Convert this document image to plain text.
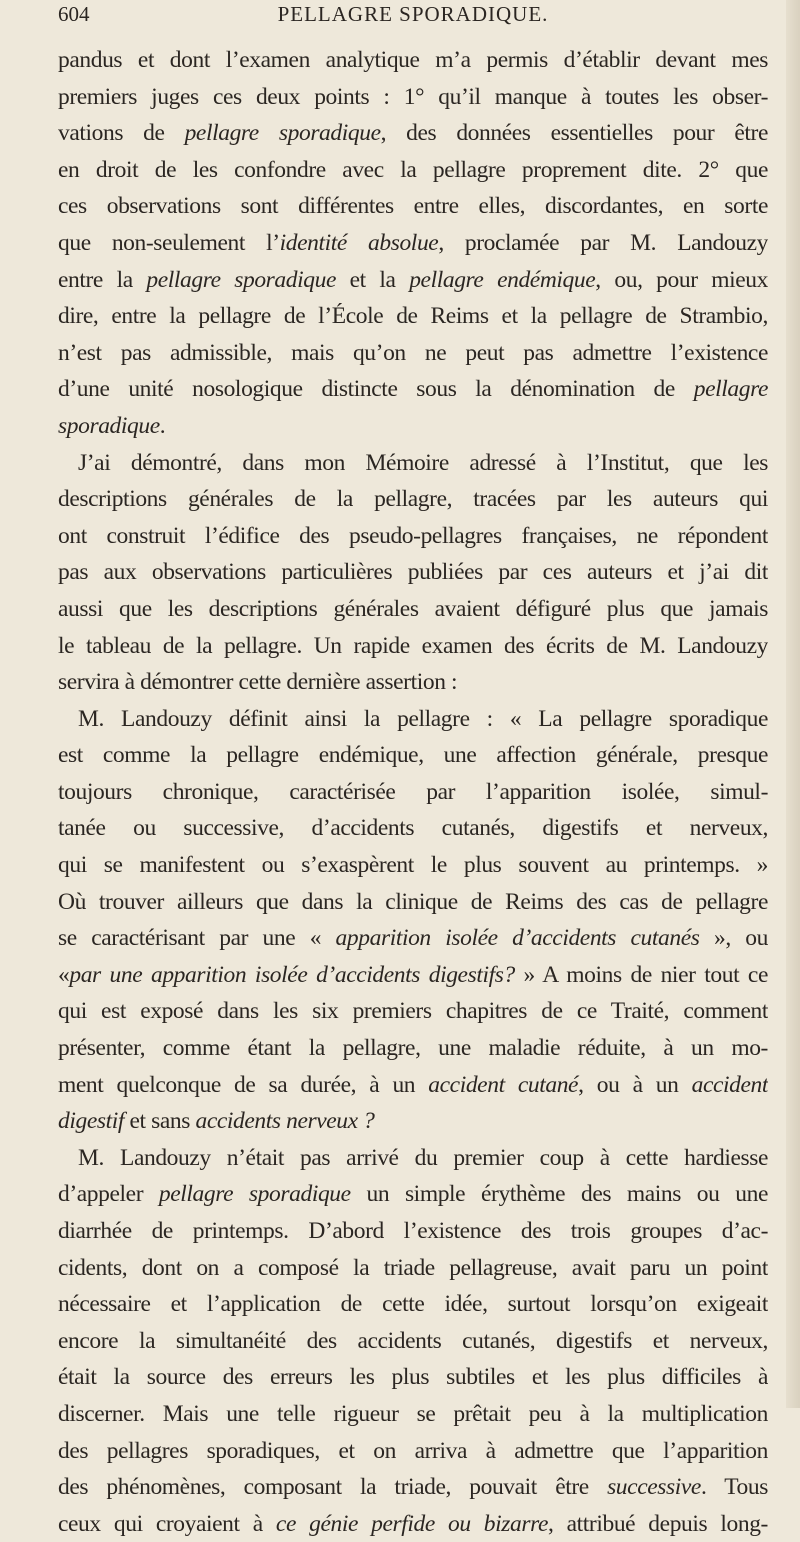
604	PELLAGRE SPORADIQUE.
pandus et dont l’examen analytique m’a permis d’établir devant mes
premiers juges ces deux points : 1° qu’il manque à toutes les obser-
vations de pellagre sporadique, des données essentielles pour être
en droit de les confondre avec la pellagre proprement dite. 2° que
ces observations sont différentes entre elles, discordantes, en sorte
que non-seulement l’identité absolue, proclamée par M. Landouzy
entre la pellagre sporadique et la pellagre endémique, ou, pour mieux
dire, entre la pellagre de l’École de Reims et la pellagre de Strambio,
n’est pas admissible, mais qu’on ne peut pas admettre l’existence
d’une unité nosologique distincte sous la dénomination de pellagre
sporadique.
J’ai démontré, dans mon Mémoire adressé à l’Institut, que les
descriptions générales de la pellagre, tracées par les auteurs qui
ont construit l’édifice des pseudo-pellagres françaises, ne répondent
pas aux observations particulières publiées par ces auteurs et j’ai dit
aussi que les descriptions générales avaient défiguré plus que jamais
le tableau de la pellagre. Un rapide examen des écrits de M. Landouzy
servira à démontrer cette dernière assertion :
M. Landouzy définit ainsi la pellagre : « La pellagre sporadique
est comme la pellagre endémique, une affection générale, presque
toujours chronique, caractérisée par l’apparition isolée, simul-
tanée ou successive, d’accidents cutanés, digestifs et nerveux,
qui se manifestent ou s’exaspèrent le plus souvent au printemps. »
Où trouver ailleurs que dans la clinique de Reims des cas de pellagre
se caractérisant par une « apparition isolée d’accidents cutanés », ou
«par une apparition isolée d’accidents digestifs? » A moins de nier tout ce
qui est exposé dans les six premiers chapitres de ce Traité, comment
présenter, comme étant la pellagre, une maladie réduite, à un mo-
ment quelconque de sa durée, à un accident cutané, ou à un accident
digestif et sans accidents nerveux ?
M. Landouzy n’était pas arrivé du premier coup à cette hardiesse
d’appeler pellagre sporadique un simple érythème des mains ou une
diarrhée de printemps. D’abord l’existence des trois groupes d’ac-
cidents, dont on a composé la triade pellagreuse, avait paru un point
nécessaire et l’application de cette idée, surtout lorsqu’on exigeait
encore la simultanéité des accidents cutanés, digestifs et nerveux,
était la source des erreurs les plus subtiles et les plus difficiles à
discerner. Mais une telle rigueur se prêtait peu à la multiplication
des pellagres sporadiques, et on arriva à admettre que l’apparition
des phénomènes, composant la triade, pouvait être successive. Tous
ceux qui croyaient à ce génie perfide ou bizarre, attribué depuis long-
